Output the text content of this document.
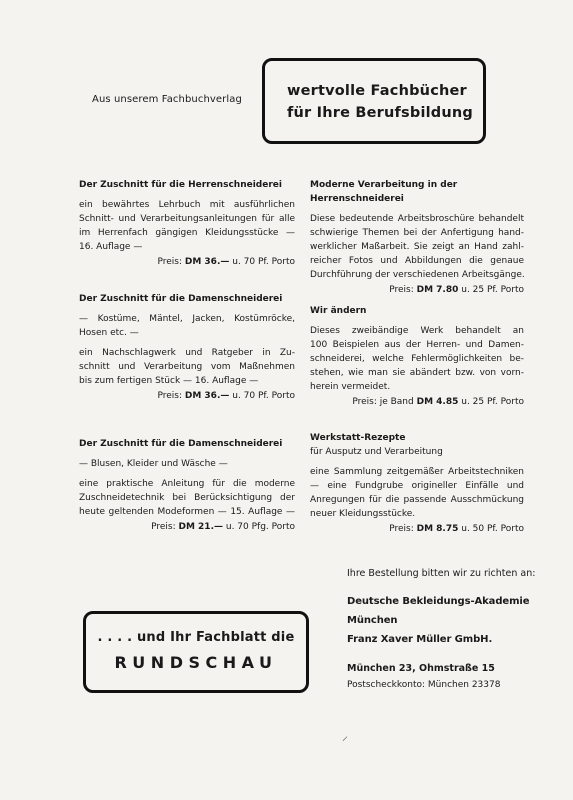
Aus unserem Fachbuchverlag
wertvolle Fachbücher
für Ihre Berufsbildung
Der Zuschnitt für die Herrenschneiderei
ein bewährtes Lehrbuch mit ausführlichen
Schnitt- und Verarbeitungsanleitungen für alle
im Herrenfach gängigen Kleidungsstücke —
16. Auflage —
Preis: DM 36.— u. 70 Pf. Porto
Der Zuschnitt für die Damenschneiderei
— Kostüme, Mäntel, Jacken, Kostümröcke,
Hosen etc. —
ein Nachschlagwerk und Ratgeber in Zu-
schnitt und Verarbeitung vom Maßnehmen
bis zum fertigen Stück — 16. Auflage —
Preis: DM 36.— u. 70 Pf. Porto
Der Zuschnitt für die Damenschneiderei
— Blusen, Kleider und Wäsche —
eine praktische Anleitung für die moderne
Zuschneidetechnik bei Berücksichtigung der
heute geltenden Modeformen — 15. Auflage —
Preis: DM 21.— u. 70 Pfg. Porto
Moderne Verarbeitung in der
Herrenschneiderei
Diese bedeutende Arbeitsbroschüre behandelt
schwierige Themen bei der Anfertigung hand-
werklicher Maßarbeit. Sie zeigt an Hand zahl-
reicher Fotos und Abbildungen die genaue
Durchführung der verschiedenen Arbeitsgänge.
Preis: DM 7.80 u. 25 Pf. Porto
Wir ändern
Dieses zweibändige Werk behandelt an
100 Beispielen aus der Herren- und Damen-
schneiderei, welche Fehlermöglichkeiten be-
stehen, wie man sie abändert bzw. von vorn-
herein vermeidet.
Preis: je Band DM 4.85 u. 25 Pf. Porto
Werkstatt-Rezepte
für Ausputz und Verarbeitung
eine Sammlung zeitgemäßer Arbeitstechniken
— eine Fundgrube origineller Einfälle und
Anregungen für die passende Ausschmückung
neuer Kleidungsstücke.
Preis: DM 8.75 u. 50 Pf. Porto
Ihre Bestellung bitten wir zu richten an:
Deutsche Bekleidungs-Akademie
München
Franz Xaver Müller GmbH.
München 23, Ohmstraße 15
Postscheckkonto: München 23378
. . . . und Ihr Fachblatt die
RUNDSCHAU
⸝
